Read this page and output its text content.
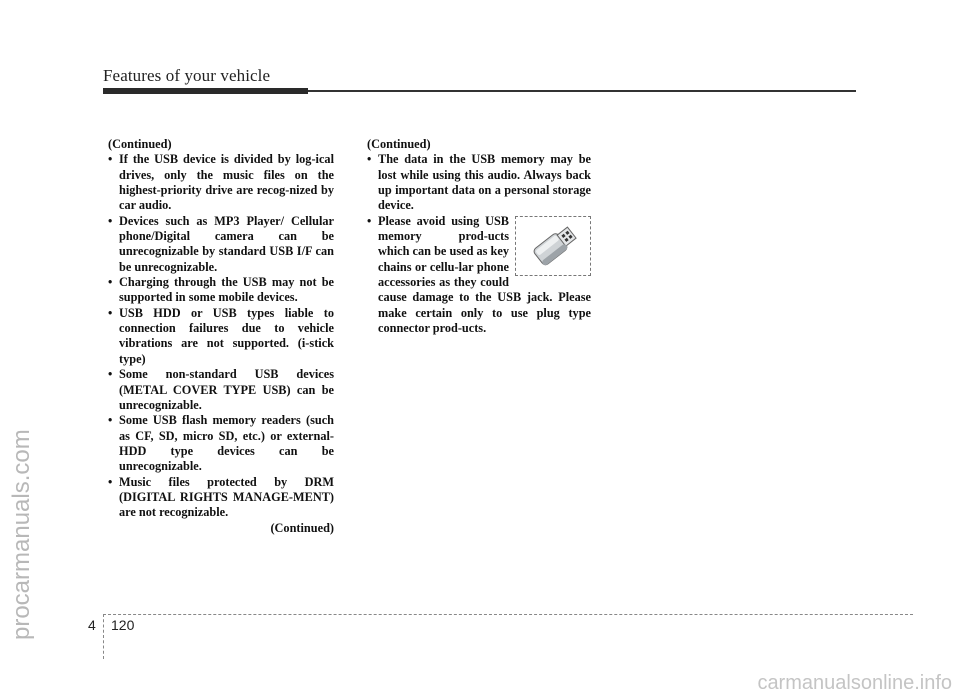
Features of your vehicle
procarmanuals.com
(Continued)
• If the USB device is divided by log-ical drives, only the music files on the highest-priority drive are recog-nized by car audio.
• Devices such as MP3 Player/ Cellular phone/Digital camera can be unrecognizable by standard USB I/F can be unrecognizable.
• Charging through the USB may not be supported in some mobile devices.
• USB HDD or USB types liable to connection failures due to vehicle vibrations are not supported. (i-stick type)
• Some non-standard USB devices (METAL COVER TYPE USB) can be unrecognizable.
• Some USB flash memory readers (such as CF, SD, micro SD, etc.) or external-HDD type devices can be unrecognizable.
• Music files protected by DRM (DIGITAL RIGHTS MANAGE-MENT) are not recognizable.
(Continued)
(Continued)
• The data in the USB memory may be lost while using this audio. Always back up important data on a personal storage device.
• Please avoid using USB memory prod-ucts which can be used as key chains or cellu-lar phone accessories as they could cause damage to the USB jack. Please make certain only to use plug type connector prod-ucts.
4 120
carmanualsonline.info
